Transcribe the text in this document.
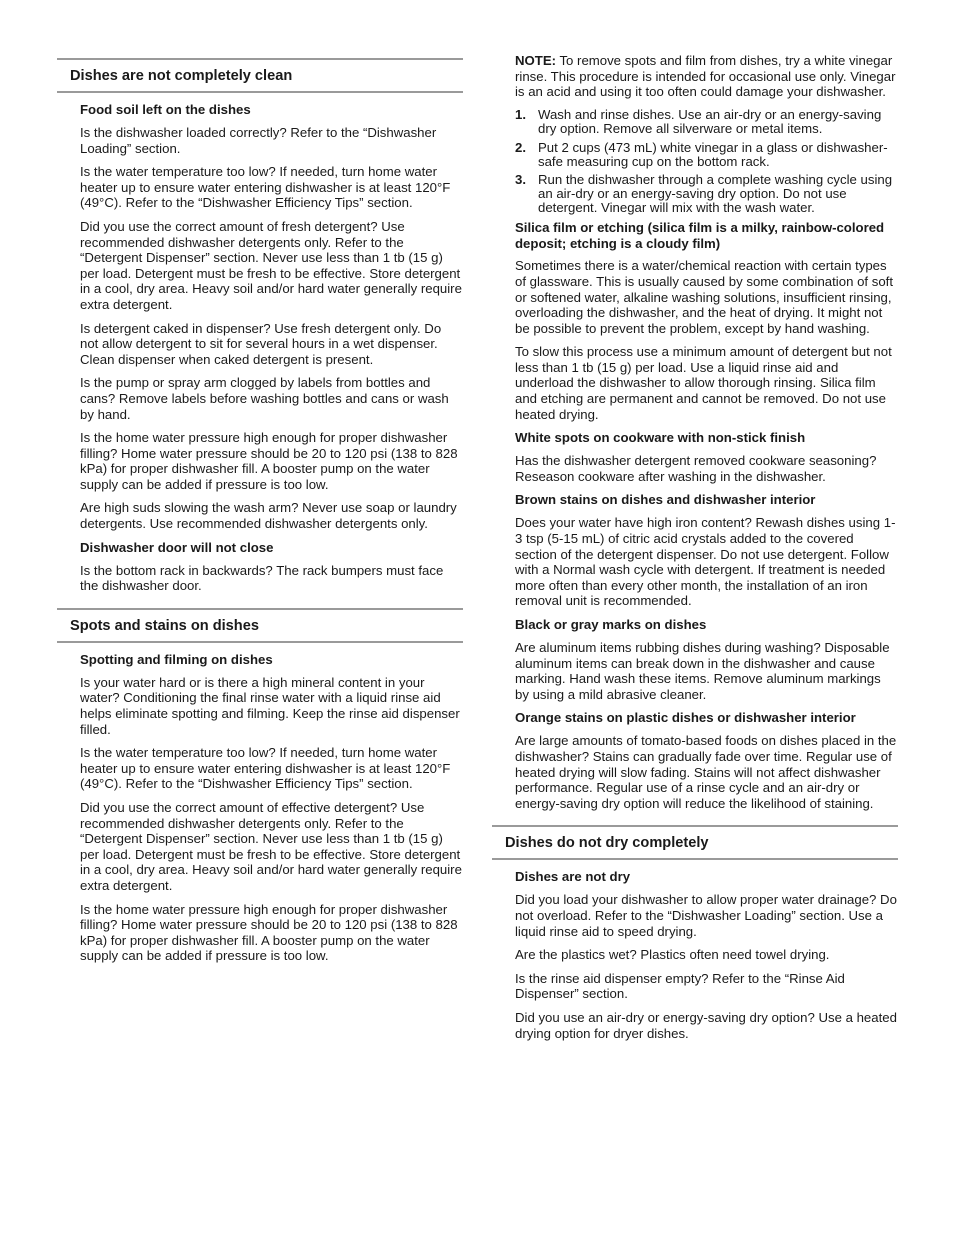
Dishes are not completely clean
Food soil left on the dishes

Is the dishwasher loaded correctly? Refer to the “Dishwasher Loading” section.

Is the water temperature too low? If needed, turn home water heater up to ensure water entering dishwasher is at least 120°F (49°C). Refer to the “Dishwasher Efficiency Tips” section.

Did you use the correct amount of fresh detergent? Use recommended dishwasher detergents only. Refer to the “Detergent Dispenser” section. Never use less than 1 tb (15 g) per load. Detergent must be fresh to be effective. Store detergent in a cool, dry area. Heavy soil and/or hard water generally require extra detergent.

Is detergent caked in dispenser? Use fresh detergent only. Do not allow detergent to sit for several hours in a wet dispenser. Clean dispenser when caked detergent is present.

Is the pump or spray arm clogged by labels from bottles and cans? Remove labels before washing bottles and cans or wash by hand.

Is the home water pressure high enough for proper dishwasher filling? Home water pressure should be 20 to 120 psi (138 to 828 kPa) for proper dishwasher fill. A booster pump on the water supply can be added if pressure is too low.

Are high suds slowing the wash arm? Never use soap or laundry detergents. Use recommended dishwasher detergents only.

Dishwasher door will not close

Is the bottom rack in backwards? The rack bumpers must face the dishwasher door.

Spots and stains on dishes
Spotting and filming on dishes

Is your water hard or is there a high mineral content in your water? Conditioning the final rinse water with a liquid rinse aid helps eliminate spotting and filming. Keep the rinse aid dispenser filled.

Is the water temperature too low? If needed, turn home water heater up to ensure water entering dishwasher is at least 120°F (49°C). Refer to the “Dishwasher Efficiency Tips” section.

Did you use the correct amount of effective detergent? Use recommended dishwasher detergents only. Refer to the “Detergent Dispenser” section. Never use less than 1 tb (15 g) per load. Detergent must be fresh to be effective. Store detergent in a cool, dry area. Heavy soil and/or hard water generally require extra detergent.

Is the home water pressure high enough for proper dishwasher filling? Home water pressure should be 20 to 120 psi (138 to 828 kPa) for proper dishwasher fill. A booster pump on the water supply can be added if pressure is too low.

NOTE: To remove spots and film from dishes, try a white vinegar rinse. This procedure is intended for occasional use only. Vinegar is an acid and using it too often could damage your dishwasher.

1. Wash and rinse dishes. Use an air-dry or an energy-saving dry option. Remove all silverware or metal items.
2. Put 2 cups (473 mL) white vinegar in a glass or dishwasher-safe measuring cup on the bottom rack.
3. Run the dishwasher through a complete washing cycle using an air-dry or an energy-saving dry option. Do not use detergent. Vinegar will mix with the wash water.
Silica film or etching (silica film is a milky, rainbow-colored deposit; etching is a cloudy film)

Sometimes there is a water/chemical reaction with certain types of glassware. This is usually caused by some combination of soft or softened water, alkaline washing solutions, insufficient rinsing, overloading the dishwasher, and the heat of drying. It might not be possible to prevent the problem, except by hand washing.

To slow this process use a minimum amount of detergent but not less than 1 tb (15 g) per load. Use a liquid rinse aid and underload the dishwasher to allow thorough rinsing. Silica film and etching are permanent and cannot be removed. Do not use heated drying.

White spots on cookware with non-stick finish

Has the dishwasher detergent removed cookware seasoning? Reseason cookware after washing in the dishwasher.

Brown stains on dishes and dishwasher interior

Does your water have high iron content? Rewash dishes using 1-3 tsp (5-15 mL) of citric acid crystals added to the covered section of the detergent dispenser. Do not use detergent. Follow with a Normal wash cycle with detergent. If treatment is needed more often than every other month, the installation of an iron removal unit is recommended.

Black or gray marks on dishes

Are aluminum items rubbing dishes during washing? Disposable aluminum items can break down in the dishwasher and cause marking. Hand wash these items. Remove aluminum markings by using a mild abrasive cleaner.

Orange stains on plastic dishes or dishwasher interior

Are large amounts of tomato-based foods on dishes placed in the dishwasher? Stains can gradually fade over time. Regular use of heated drying will slow fading. Stains will not affect dishwasher performance. Regular use of a rinse cycle and an air-dry or energy-saving dry option will reduce the likelihood of staining.

Dishes do not dry completely
Dishes are not dry

Did you load your dishwasher to allow proper water drainage? Do not overload. Refer to the “Dishwasher Loading” section. Use a liquid rinse aid to speed drying.

Are the plastics wet? Plastics often need towel drying.

Is the rinse aid dispenser empty? Refer to the “Rinse Aid Dispenser” section.

Did you use an air-dry or energy-saving dry option? Use a heated drying option for dryer dishes.
